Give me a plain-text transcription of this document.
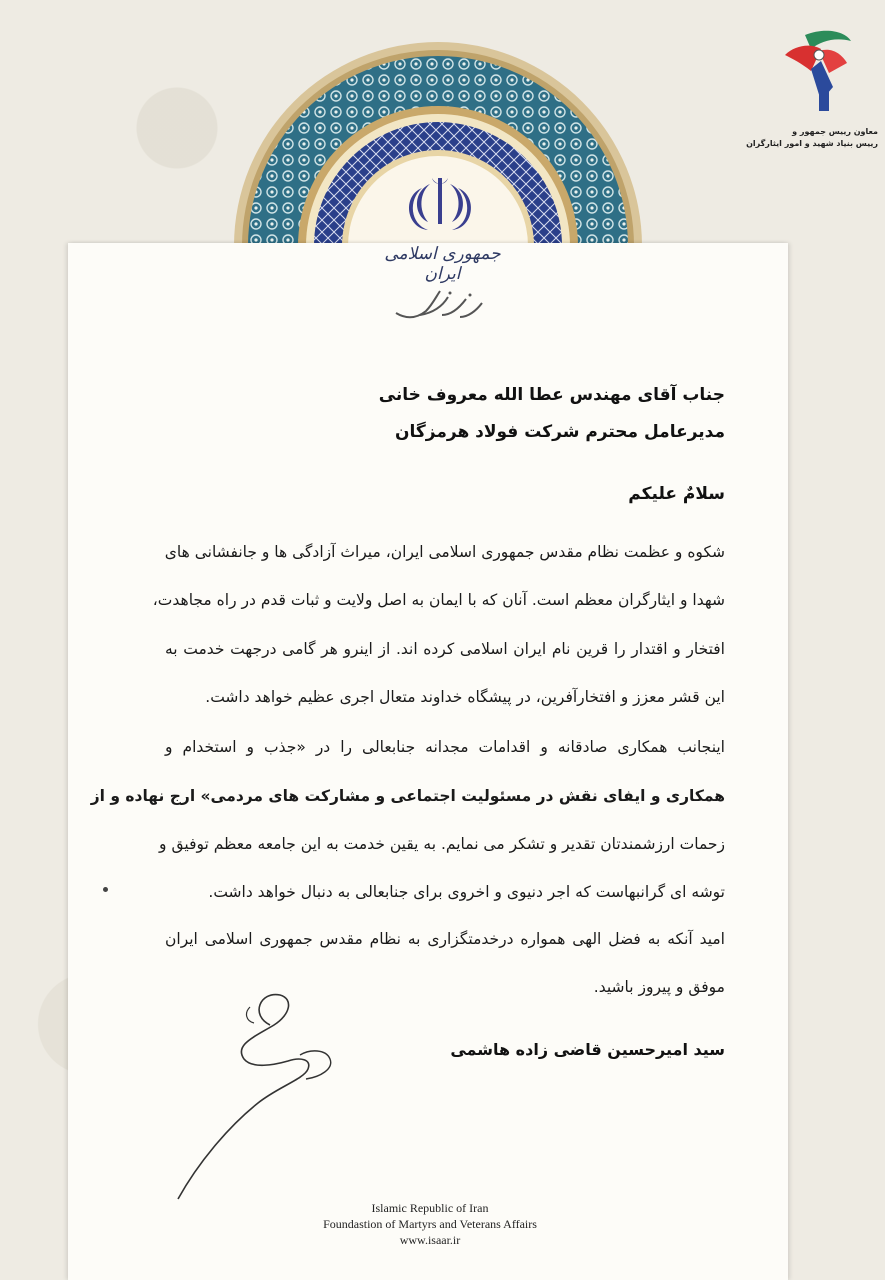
جمهوری اسلامی ایران
معاون رییس جمهور و
رییس بنیاد شهید و امور ایثارگران
جناب آقای مهندس عطا الله معروف خانی
مدیرعامل محترم شرکت فولاد هرمزگان
سلامٌ علیکم
شکوه و عظمت نظام مقدس جمهوری اسلامی ایران، میراث آزادگی ها و جانفشانی های
شهدا و ایثارگران معظم است. آنان که با ایمان به اصل ولایت و ثبات قدم در راه مجاهدت،
افتخار و اقتدار را قرین نام ایران اسلامی کرده اند. از اینرو هر گامی درجهت خدمت به
این قشر معزز و افتخارآفرین، در پیشگاه خداوند متعال اجری عظیم خواهد داشت.
اینجانب همکاری صادقانه و اقدامات مجدانه جنابعالی را در «جذب و استخدام و
همکاری و ایفای نقش در مسئولیت اجتماعی و مشارکت های مردمی» ارج نهاده و از
زحمات ارزشمندتان تقدیر و تشکر می نمایم. به یقین خدمت به این جامعه معظم توفیق و
توشه ای گرانبهاست که اجر دنیوی و اخروی برای جنابعالی به دنبال خواهد داشت.
امید آنکه به فضل الهی همواره درخدمتگزاری به نظام مقدس جمهوری اسلامی ایران
موفق و پیروز باشید.
سید امیرحسین قاضی زاده هاشمی
Islamic Republic of Iran
Foundastion of Martyrs and Veterans Affairs
www.isaar.ir
